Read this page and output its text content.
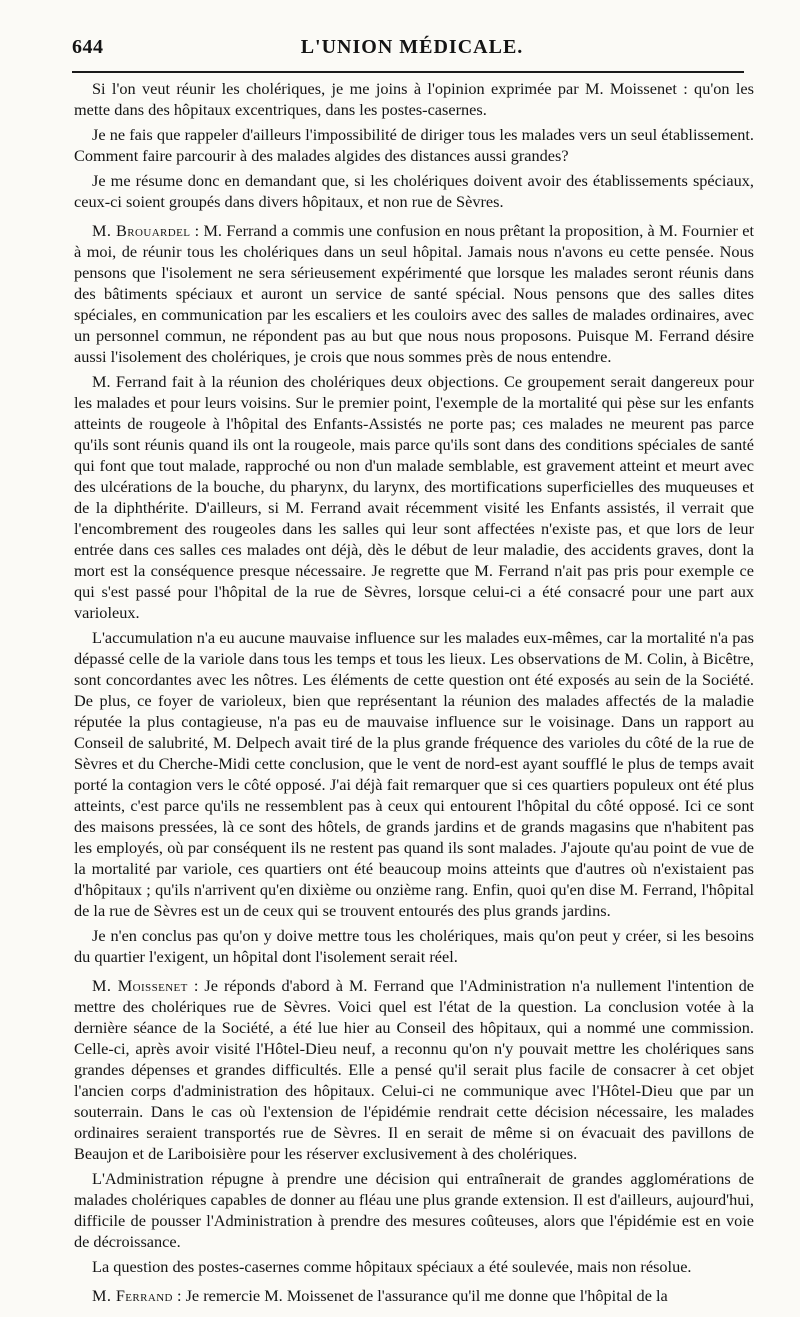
644	L'UNION MÉDICALE.

Si l'on veut réunir les cholériques, je me joins à l'opinion exprimée par M. Moissenet : qu'on les mette dans des hôpitaux excentriques, dans les postes-casernes.

Je ne fais que rappeler d'ailleurs l'impossibilité de diriger tous les malades vers un seul établissement. Comment faire parcourir à des malades algides des distances aussi grandes?

Je me résume donc en demandant que, si les cholériques doivent avoir des établissements spéciaux, ceux-ci soient groupés dans divers hôpitaux, et non rue de Sèvres.

M. Brouardel : M. Ferrand a commis une confusion en nous prêtant la proposition, à M. Fournier et à moi, de réunir tous les cholériques dans un seul hôpital. Jamais nous n'avons eu cette pensée. Nous pensons que l'isolement ne sera sérieusement expérimenté que lorsque les malades seront réunis dans des bâtiments spéciaux et auront un service de santé spécial. Nous pensons que des salles dites spéciales, en communication par les escaliers et les couloirs avec des salles de malades ordinaires, avec un personnel commun, ne répondent pas au but que nous nous proposons. Puisque M. Ferrand désire aussi l'isolement des cholériques, je crois que nous sommes près de nous entendre.

M. Ferrand fait à la réunion des cholériques deux objections. Ce groupement serait dangereux pour les malades et pour leurs voisins. Sur le premier point, l'exemple de la mortalité qui pèse sur les enfants atteints de rougeole à l'hôpital des Enfants-Assistés ne porte pas; ces malades ne meurent pas parce qu'ils sont réunis quand ils ont la rougeole, mais parce qu'ils sont dans des conditions spéciales de santé qui font que tout malade, rapproché ou non d'un malade semblable, est gravement atteint et meurt avec des ulcérations de la bouche, du pharynx, du larynx, des mortifications superficielles des muqueuses et de la diphthérite. D'ailleurs, si M. Ferrand avait récemment visité les Enfants assistés, il verrait que l'encombrement des rougeoles dans les salles qui leur sont affectées n'existe pas, et que lors de leur entrée dans ces salles ces malades ont déjà, dès le début de leur maladie, des accidents graves, dont la mort est la conséquence presque nécessaire. Je regrette que M. Ferrand n'ait pas pris pour exemple ce qui s'est passé pour l'hôpital de la rue de Sèvres, lorsque celui-ci a été consacré pour une part aux varioleux.

L'accumulation n'a eu aucune mauvaise influence sur les malades eux-mêmes, car la mortalité n'a pas dépassé celle de la variole dans tous les temps et tous les lieux. Les observations de M. Colin, à Bicêtre, sont concordantes avec les nôtres. Les éléments de cette question ont été exposés au sein de la Société. De plus, ce foyer de varioleux, bien que représentant la réunion des malades affectés de la maladie réputée la plus contagieuse, n'a pas eu de mauvaise influence sur le voisinage. Dans un rapport au Conseil de salubrité, M. Delpech avait tiré de la plus grande fréquence des varioles du côté de la rue de Sèvres et du Cherche-Midi cette conclusion, que le vent de nord-est ayant soufflé le plus de temps avait porté la contagion vers le côté opposé. J'ai déjà fait remarquer que si ces quartiers populeux ont été plus atteints, c'est parce qu'ils ne ressemblent pas à ceux qui entourent l'hôpital du côté opposé. Ici ce sont des maisons pressées, là ce sont des hôtels, de grands jardins et de grands magasins que n'habitent pas les employés, où par conséquent ils ne restent pas quand ils sont malades. J'ajoute qu'au point de vue de la mortalité par variole, ces quartiers ont été beaucoup moins atteints que d'autres où n'existaient pas d'hôpitaux ; qu'ils n'arrivent qu'en dixième ou onzième rang. Enfin, quoi qu'en dise M. Ferrand, l'hôpital de la rue de Sèvres est un de ceux qui se trouvent entourés des plus grands jardins.

Je n'en conclus pas qu'on y doive mettre tous les cholériques, mais qu'on peut y créer, si les besoins du quartier l'exigent, un hôpital dont l'isolement serait réel.

M. Moissenet : Je réponds d'abord à M. Ferrand que l'Administration n'a nullement l'intention de mettre des cholériques rue de Sèvres. Voici quel est l'état de la question. La conclusion votée à la dernière séance de la Société, a été lue hier au Conseil des hôpitaux, qui a nommé une commission. Celle-ci, après avoir visité l'Hôtel-Dieu neuf, a reconnu qu'on n'y pouvait mettre les cholériques sans grandes dépenses et grandes difficultés. Elle a pensé qu'il serait plus facile de consacrer à cet objet l'ancien corps d'administration des hôpitaux. Celui-ci ne communique avec l'Hôtel-Dieu que par un souterrain. Dans le cas où l'extension de l'épidémie rendrait cette décision nécessaire, les malades ordinaires seraient transportés rue de Sèvres. Il en serait de même si on évacuait des pavillons de Beaujon et de Lariboisière pour les réserver exclusivement à des cholériques.

L'Administration répugne à prendre une décision qui entraînerait de grandes agglomérations de malades cholériques capables de donner au fléau une plus grande extension. Il est d'ailleurs, aujourd'hui, difficile de pousser l'Administration à prendre des mesures coûteuses, alors que l'épidémie est en voie de décroissance.

La question des postes-casernes comme hôpitaux spéciaux a été soulevée, mais non résolue.

M. Ferrand : Je remercie M. Moissenet de l'assurance qu'il me donne que l'hôpital de la
